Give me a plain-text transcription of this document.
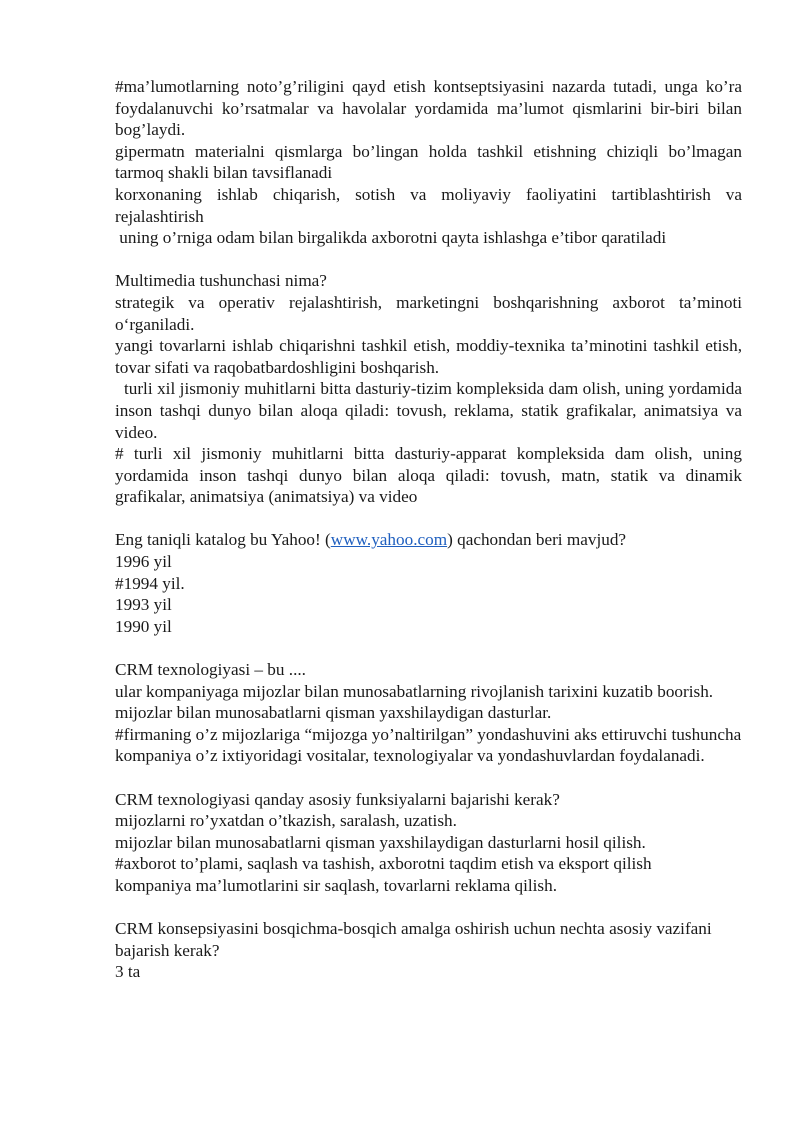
#ma’lumotlarning noto’g’riligini qayd etish kontseptsiyasini nazarda tutadi, unga ko’ra foydalanuvchi ko’rsatmalar va havolalar yordamida ma’lumot qismlarini bir-biri bilan bog’laydi.

gipermatn materialni qismlarga bo’lingan holda tashkil etishning chiziqli bo’lmagan tarmoq shakli bilan tavsiflanadi

korxonaning ishlab chiqarish, sotish va moliyaviy faoliyatini tartiblashtirish va rejalashtirish

uning o’rniga odam bilan birgalikda axborotni qayta ishlashga e’tibor qaratiladi

Multimedia tushunchasi nima?

strategik va operativ rejalashtirish, marketingni boshqarishning axborot ta’minoti o‘rganiladi.

yangi tovarlarni ishlab chiqarishni tashkil etish, moddiy-texnika ta’minotini tashkil etish, tovar sifati va raqobatbardoshligini boshqarish.

turli xil jismoniy muhitlarni bitta dasturiy-tizim kompleksida dam olish, uning yordamida inson tashqi dunyo bilan aloqa qiladi: tovush, reklama, statik grafikalar, animatsiya va video.

# turli xil jismoniy muhitlarni bitta dasturiy-apparat kompleksida dam olish, uning yordamida inson tashqi dunyo bilan aloqa qiladi: tovush, matn, statik va dinamik grafikalar, animatsiya (animatsiya) va video

Eng taniqli katalog bu Yahoo! (www.yahoo.com) qachondan beri mavjud?

1996 yil

#1994 yil.

1993 yil

1990 yil

CRM texnologiyasi – bu ....

ular kompaniyaga mijozlar bilan munosabatlarning rivojlanish tarixini kuzatib boorish.

mijozlar bilan munosabatlarni qisman yaxshilaydigan dasturlar.

#firmaning o’z mijozlariga “mijozga yo’naltirilgan” yondashuvini aks ettiruvchi tushuncha

kompaniya o’z ixtiyoridagi vositalar, texnologiyalar va yondashuvlardan foydalanadi.

CRM texnologiyasi qanday asosiy funksiyalarni bajarishi kerak?

mijozlarni ro’yxatdan o’tkazish, saralash, uzatish.

mijozlar bilan munosabatlarni qisman yaxshilaydigan dasturlarni hosil qilish.

#axborot to’plami, saqlash va tashish, axborotni taqdim etish va eksport qilish

kompaniya ma’lumotlarini sir saqlash, tovarlarni reklama qilish.

CRM konsepsiyasini bosqichma-bosqich amalga oshirish uchun nechta asosiy vazifani bajarish kerak?

3 ta
